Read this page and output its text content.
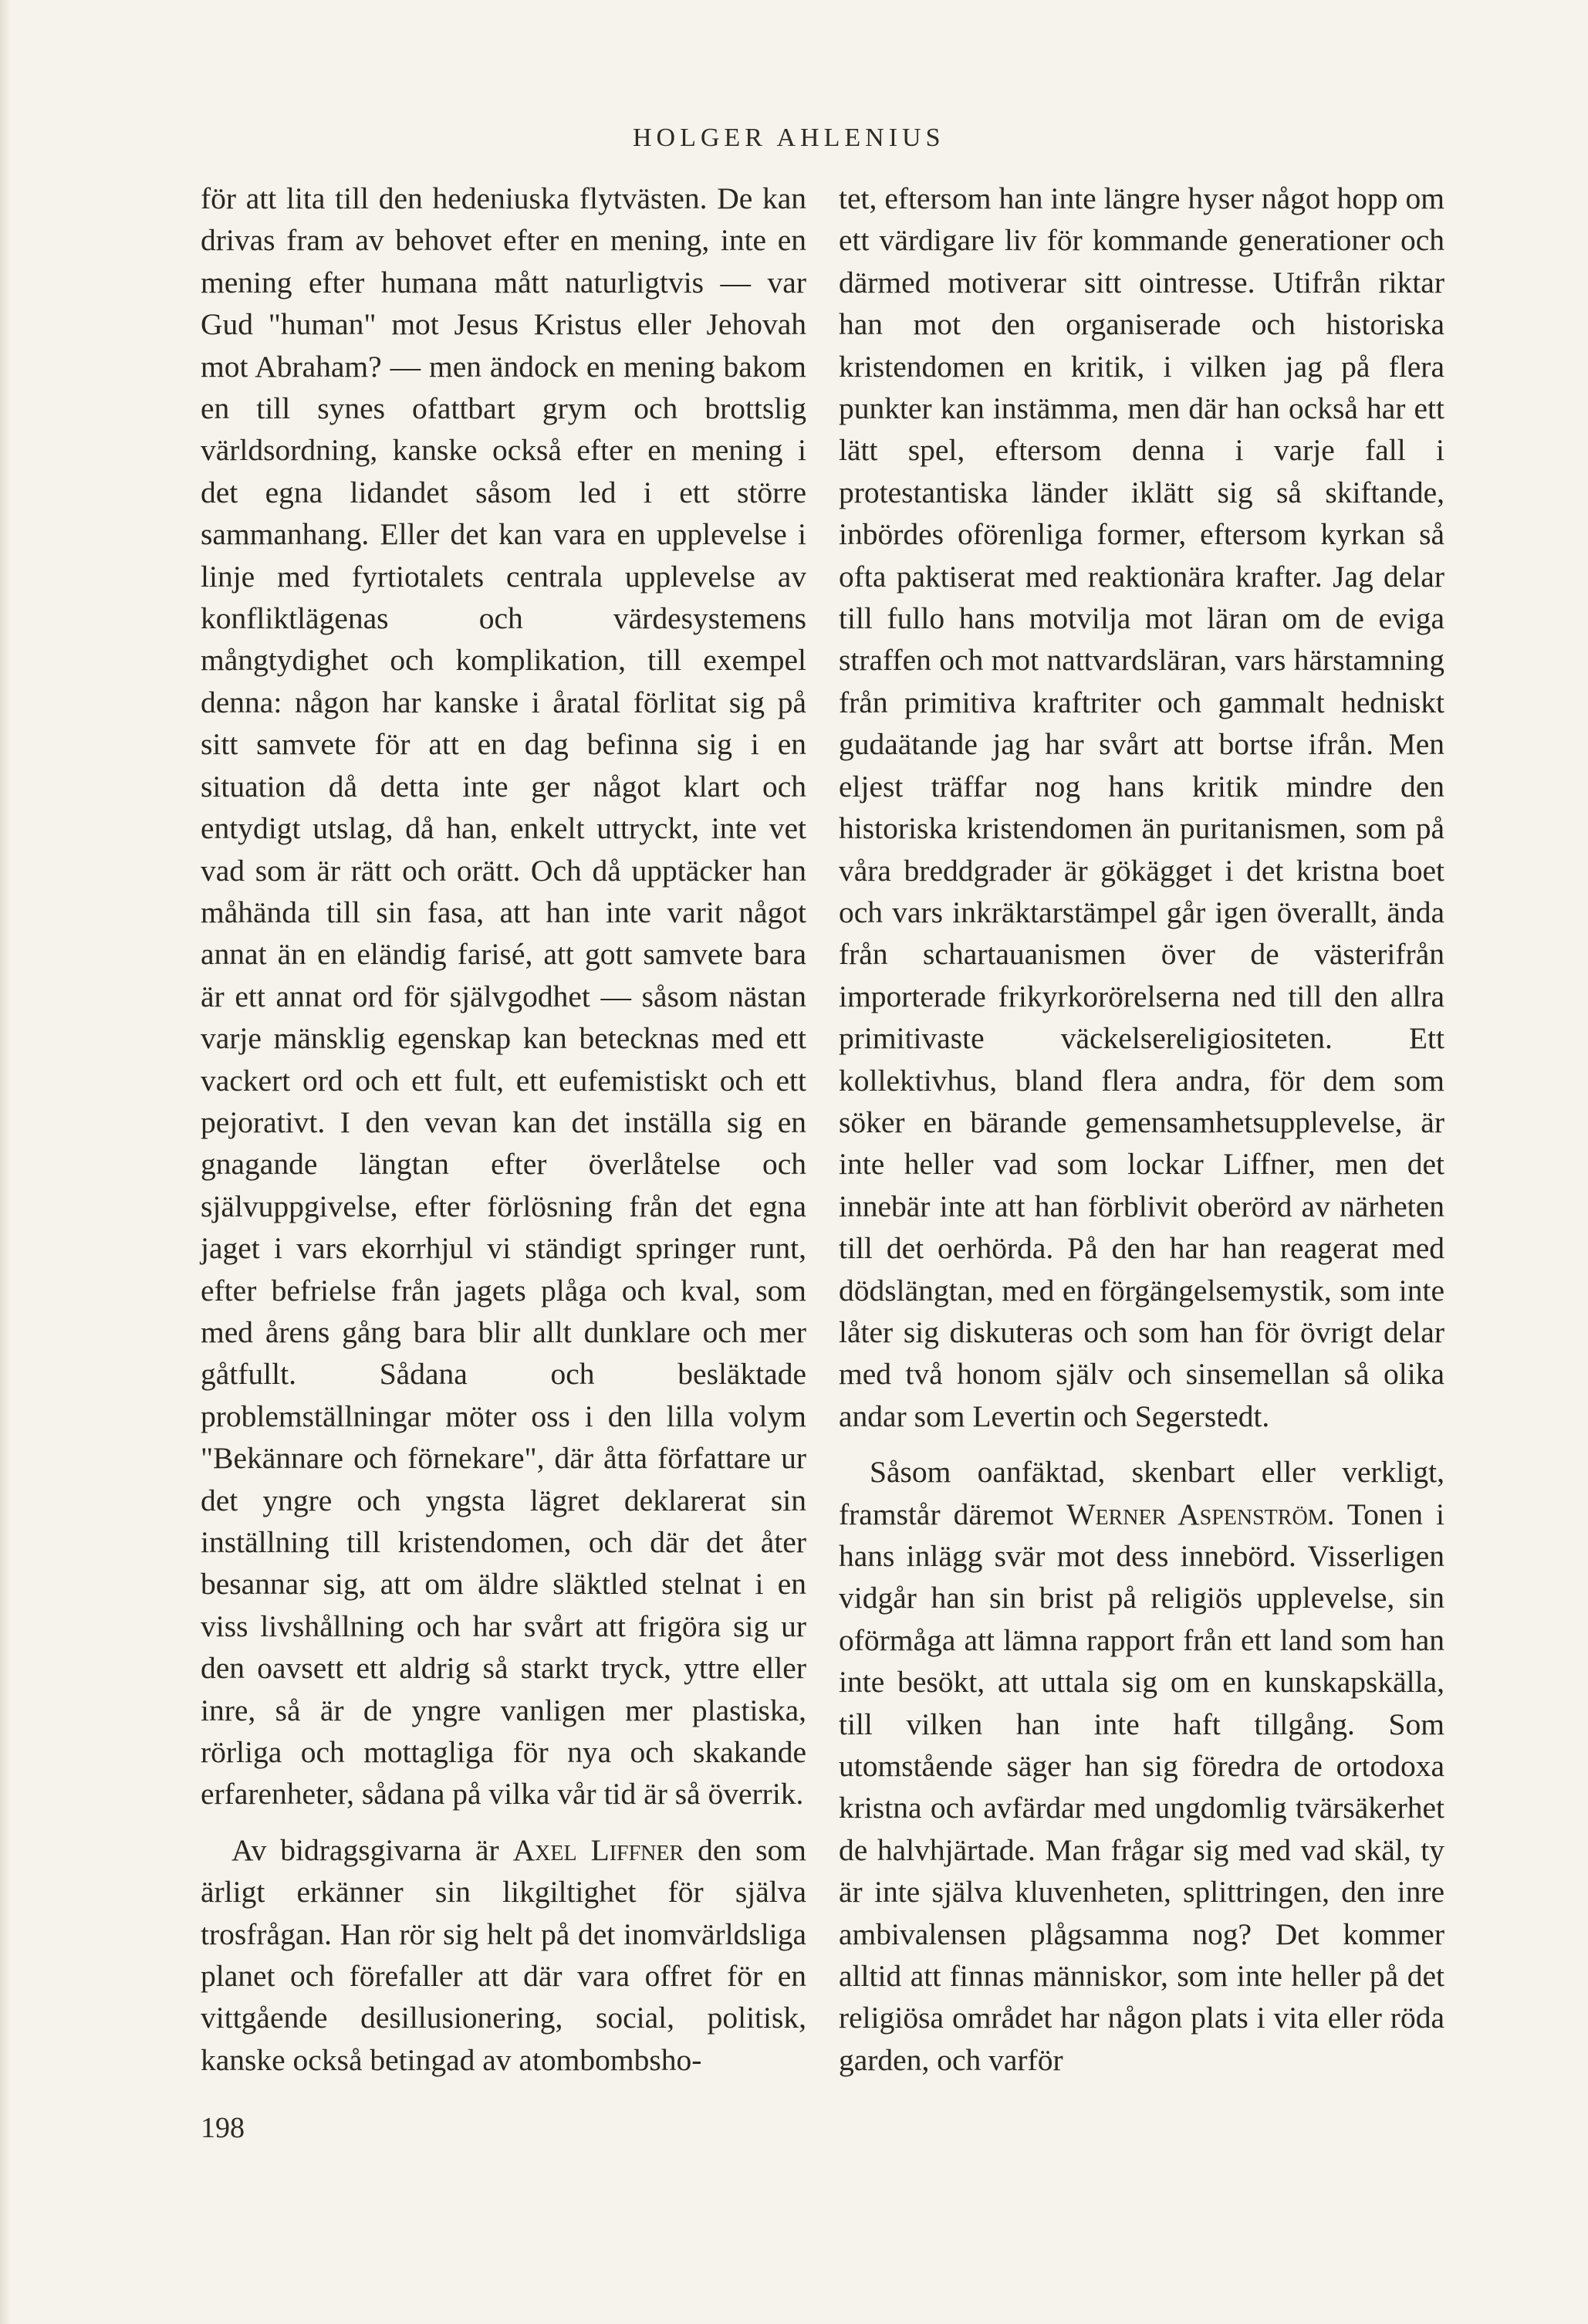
HOLGER AHLENIUS

för att lita till den hedeniuska flytvästen. De kan drivas fram av behovet efter en mening, inte en mening efter humana mått naturligtvis — var Gud "human" mot Jesus Kristus eller Jehovah mot Abraham? — men ändock en mening bakom en till synes ofattbart grym och brottslig världsordning, kanske också efter en mening i det egna lidandet såsom led i ett större sammanhang. Eller det kan vara en upplevelse i linje med fyrtiotalets centrala upplevelse av konfliktlägenas och värdesystemens mångtydighet och komplikation, till exempel denna: någon har kanske i åratal förlitat sig på sitt samvete för att en dag befinna sig i en situation då detta inte ger något klart och entydigt utslag, då han, enkelt uttryckt, inte vet vad som är rätt och orätt. Och då upptäcker han måhända till sin fasa, att han inte varit något annat än en eländig farisé, att gott samvete bara är ett annat ord för självgodhet — såsom nästan varje mänsklig egenskap kan betecknas med ett vackert ord och ett fult, ett eufemistiskt och ett pejorativt. I den vevan kan det inställa sig en gnagande längtan efter överlåtelse och självuppgivelse, efter förlösning från det egna jaget i vars ekorrhjul vi ständigt springer runt, efter befrielse från jagets plåga och kval, som med årens gång bara blir allt dunklare och mer gåtfullt. Sådana och besläktade problemställningar möter oss i den lilla volym "Bekännare och förnekare", där åtta författare ur det yngre och yngsta lägret deklarerat sin inställning till kristendomen, och där det åter besannar sig, att om äldre släktled stelnat i en viss livshållning och har svårt att frigöra sig ur den oavsett ett aldrig så starkt tryck, yttre eller inre, så är de yngre vanligen mer plastiska, rörliga och mottagliga för nya och skakande erfarenheter, sådana på vilka vår tid är så överrik.

Av bidragsgivarna är Axel Liffner den som ärligt erkänner sin likgiltighet för själva trosfrågan. Han rör sig helt på det inomvärldsliga planet och förefaller att där vara offret för en vittgående desillusionering, social, politisk, kanske också betingad av atombombsho-

tet, eftersom han inte längre hyser något hopp om ett värdigare liv för kommande generationer och därmed motiverar sitt ointresse. Utifrån riktar han mot den organiserade och historiska kristendomen en kritik, i vilken jag på flera punkter kan instämma, men där han också har ett lätt spel, eftersom denna i varje fall i protestantiska länder iklätt sig så skiftande, inbördes oförenliga former, eftersom kyrkan så ofta paktiserat med reaktionära krafter. Jag delar till fullo hans motvilja mot läran om de eviga straffen och mot nattvardsläran, vars härstamning från primitiva kraftriter och gammalt hedniskt gudaätande jag har svårt att bortse ifrån. Men eljest träffar nog hans kritik mindre den historiska kristendomen än puritanismen, som på våra breddgrader är gökägget i det kristna boet och vars inkräktarstämpel går igen överallt, ända från schartauanismen över de västerifrån importerade frikyrkorörelserna ned till den allra primitivaste väckelsereligiositeten. Ett kollektivhus, bland flera andra, för dem som söker en bärande gemensamhetsupplevelse, är inte heller vad som lockar Liffner, men det innebär inte att han förblivit oberörd av närheten till det oerhörda. På den har han reagerat med dödslängtan, med en förgängelsemystik, som inte låter sig diskuteras och som han för övrigt delar med två honom själv och sinsemellan så olika andar som Levertin och Segerstedt.

Såsom oanfäktad, skenbart eller verkligt, framstår däremot Werner Aspenström. Tonen i hans inlägg svär mot dess innebörd. Visserligen vidgår han sin brist på religiös upplevelse, sin oförmåga att lämna rapport från ett land som han inte besökt, att uttala sig om en kunskapskälla, till vilken han inte haft tillgång. Som utomstående säger han sig föredra de ortodoxa kristna och avfärdar med ungdomlig tvärsäkerhet de halvhjärtade. Man frågar sig med vad skäl, ty är inte själva kluvenheten, splittringen, den inre ambivalensen plågsamma nog? Det kommer alltid att finnas människor, som inte heller på det religiösa området har någon plats i vita eller röda garden, och varför

198
